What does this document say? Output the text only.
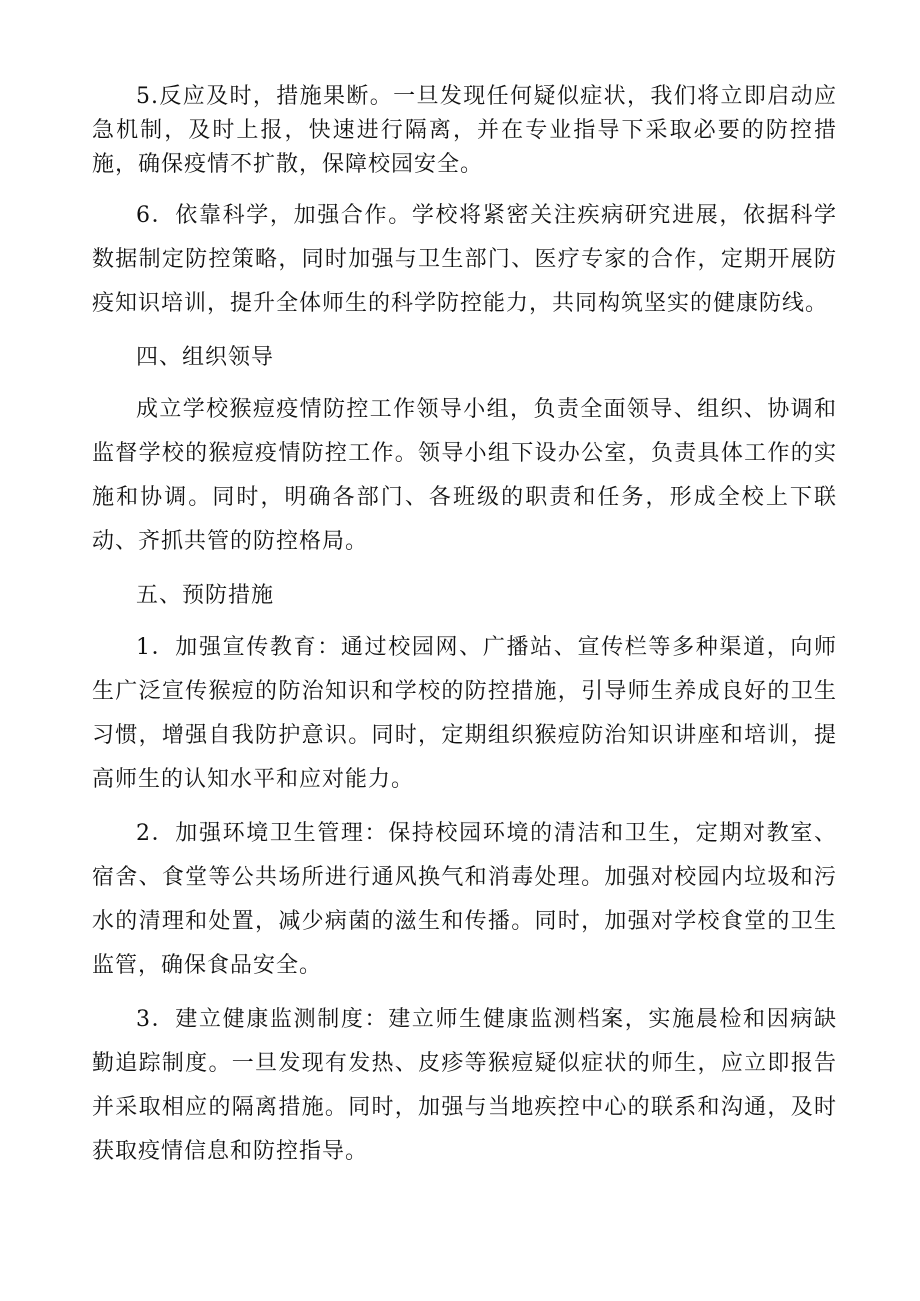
5.反应及时，措施果断。一旦发现任何疑似症状，我们将立即启动应急机制，及时上报，快速进行隔离，并在专业指导下采取必要的防控措施，确保疫情不扩散，保障校园安全。

6．依靠科学，加强合作。学校将紧密关注疾病研究进展，依据科学数据制定防控策略，同时加强与卫生部门、医疗专家的合作，定期开展防疫知识培训，提升全体师生的科学防控能力，共同构筑坚实的健康防线。

四、组织领导

成立学校猴痘疫情防控工作领导小组，负责全面领导、组织、协调和监督学校的猴痘疫情防控工作。领导小组下设办公室，负责具体工作的实施和协调。同时，明确各部门、各班级的职责和任务，形成全校上下联动、齐抓共管的防控格局。

五、预防措施

1．加强宣传教育：通过校园网、广播站、宣传栏等多种渠道，向师生广泛宣传猴痘的防治知识和学校的防控措施，引导师生养成良好的卫生习惯，增强自我防护意识。同时，定期组织猴痘防治知识讲座和培训，提高师生的认知水平和应对能力。

2．加强环境卫生管理：保持校园环境的清洁和卫生，定期对教室、宿舍、食堂等公共场所进行通风换气和消毒处理。加强对校园内垃圾和污水的清理和处置，减少病菌的滋生和传播。同时，加强对学校食堂的卫生监管，确保食品安全。

3．建立健康监测制度：建立师生健康监测档案，实施晨检和因病缺勤追踪制度。一旦发现有发热、皮疹等猴痘疑似症状的师生，应立即报告并采取相应的隔离措施。同时，加强与当地疾控中心的联系和沟通，及时获取疫情信息和防控指导。
